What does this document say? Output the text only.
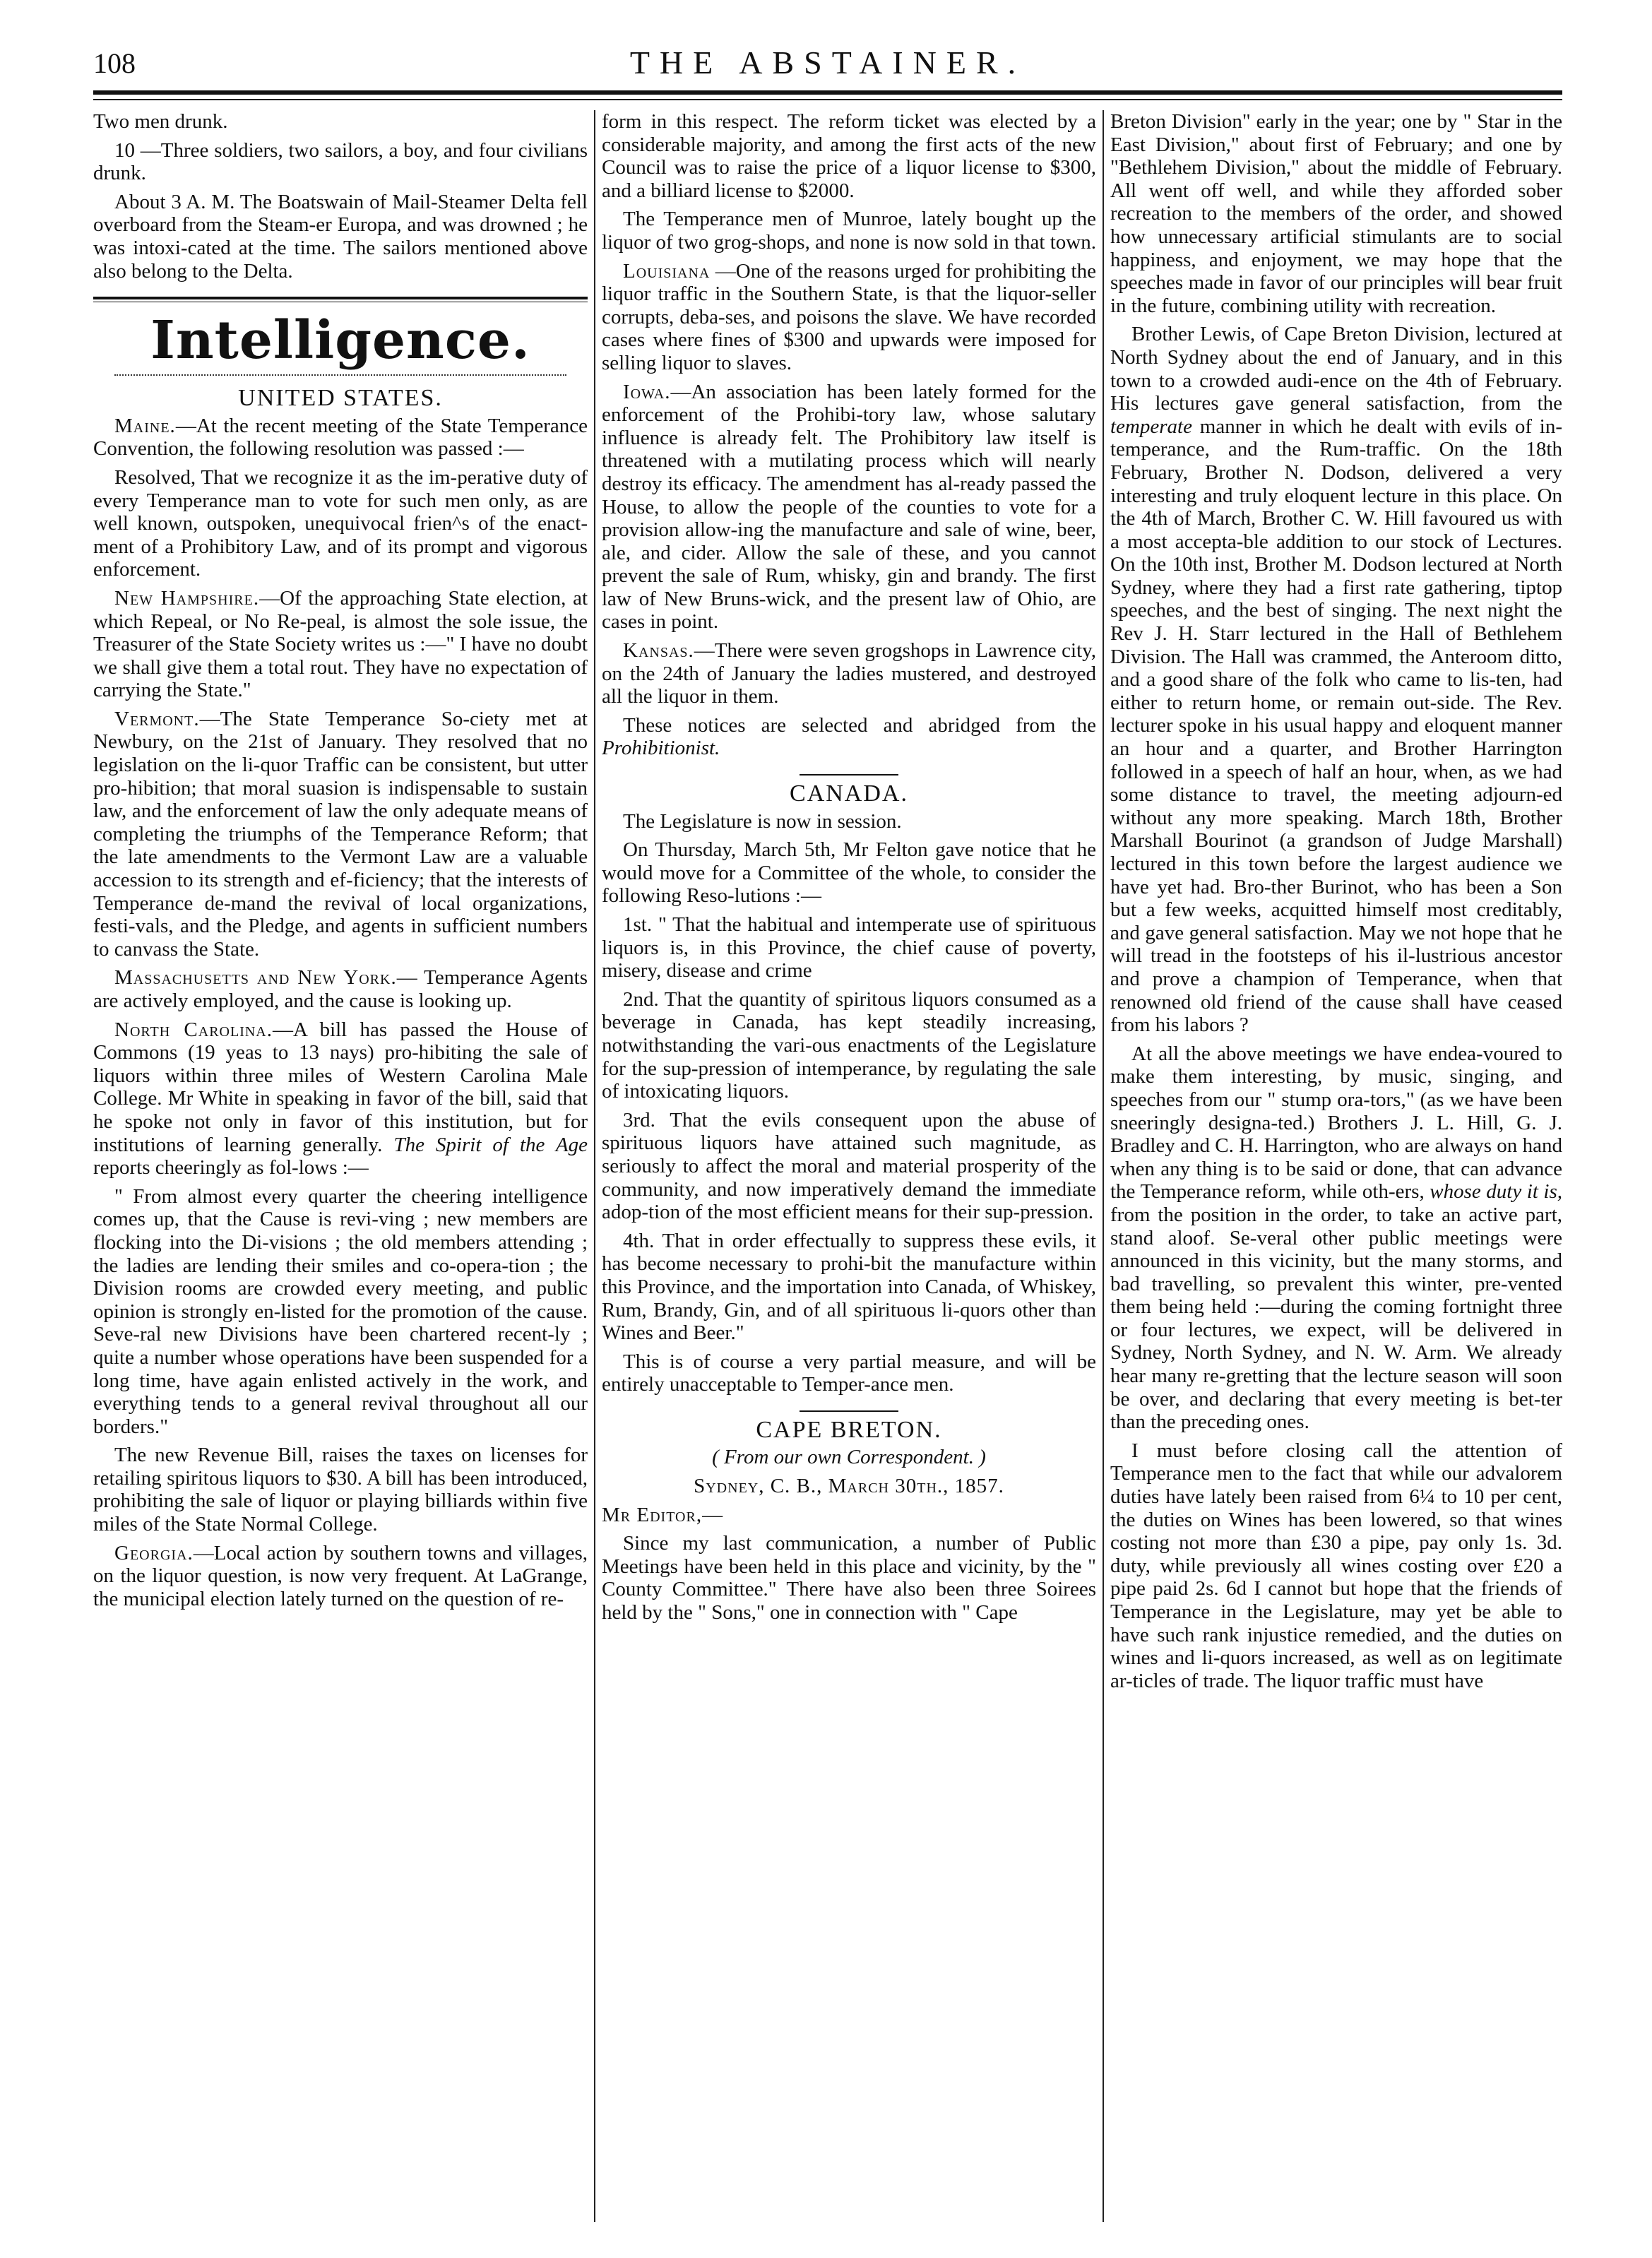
108	THE ABSTAINER.

Two men drunk.

10 —Three soldiers, two sailors, a boy, and four civilians drunk.

About 3 A. M. The Boatswain of Mail-Steamer Delta fell overboard from the Steam-er Europa, and was drowned ; he was intoxi-cated at the time. The sailors mentioned above also belong to the Delta.

Intelligence.
UNITED STATES.

Maine.—At the recent meeting of the State Temperance Convention, the following resolution was passed :—

Resolved, That we recognize it as the im-perative duty of every Temperance man to vote for such men only, as are well known, outspoken, unequivocal frien^s of the enact-ment of a Prohibitory Law, and of its prompt and vigorous enforcement.

New Hampshire.—Of the approaching State election, at which Repeal, or No Re-peal, is almost the sole issue, the Treasurer of the State Society writes us :—" I have no doubt we shall give them a total rout. They have no expectation of carrying the State."

Vermont.—The State Temperance So-ciety met at Newbury, on the 21st of January. They resolved that no legislation on the li-quor Traffic can be consistent, but utter pro-hibition; that moral suasion is indispensable to sustain law, and the enforcement of law the only adequate means of completing the triumphs of the Temperance Reform; that the late amendments to the Vermont Law are a valuable accession to its strength and ef-ficiency; that the interests of Temperance de-mand the revival of local organizations, festi-vals, and the Pledge, and agents in sufficient numbers to canvass the State.

Massachusetts and New York.— Temperance Agents are actively employed, and the cause is looking up.

North Carolina.—A bill has passed the House of Commons (19 yeas to 13 nays) pro-hibiting the sale of liquors within three miles of Western Carolina Male College. Mr White in speaking in favor of the bill, said that he spoke not only in favor of this institution, but for institutions of learning generally. The Spirit of the Age reports cheeringly as fol-lows :—

" From almost every quarter the cheering intelligence comes up, that the Cause is revi-ving ; new members are flocking into the Di-visions ; the old members attending ; the ladies are lending their smiles and co-opera-tion ; the Division rooms are crowded every meeting, and public opinion is strongly en-listed for the promotion of the cause. Seve-ral new Divisions have been chartered recent-ly ; quite a number whose operations have been suspended for a long time, have again enlisted actively in the work, and everything tends to a general revival throughout all our borders."

The new Revenue Bill, raises the taxes on licenses for retailing spiritous liquors to $30. A bill has been introduced, prohibiting the sale of liquor or playing billiards within five miles of the State Normal College.

Georgia.—Local action by southern towns and villages, on the liquor question, is now very frequent. At LaGrange, the municipal election lately turned on the question of re-

form in this respect. The reform ticket was elected by a considerable majority, and among the first acts of the new Council was to raise the price of a liquor license to $300, and a billiard license to $2000.

The Temperance men of Munroe, lately bought up the liquor of two grog-shops, and none is now sold in that town.

Louisiana —One of the reasons urged for prohibiting the liquor traffic in the Southern State, is that the liquor-seller corrupts, deba-ses, and poisons the slave. We have recorded cases where fines of $300 and upwards were imposed for selling liquor to slaves.

Iowa.—An association has been lately formed for the enforcement of the Prohibi-tory law, whose salutary influence is already felt. The Prohibitory law itself is threatened with a mutilating process which will nearly destroy its efficacy. The amendment has al-ready passed the House, to allow the people of the counties to vote for a provision allow-ing the manufacture and sale of wine, beer, ale, and cider. Allow the sale of these, and you cannot prevent the sale of Rum, whisky, gin and brandy. The first law of New Bruns-wick, and the present law of Ohio, are cases in point.

Kansas.—There were seven grogshops in Lawrence city, on the 24th of January the ladies mustered, and destroyed all the liquor in them.

These notices are selected and abridged from the Prohibitionist.

CANADA.

The Legislature is now in session.

On Thursday, March 5th, Mr Felton gave notice that he would move for a Committee of the whole, to consider the following Reso-lutions :—

1st. " That the habitual and intemperate use of spirituous liquors is, in this Province, the chief cause of poverty, misery, disease and crime

2nd. That the quantity of spiritous liquors consumed as a beverage in Canada, has kept steadily increasing, notwithstanding the vari-ous enactments of the Legislature for the sup-pression of intemperance, by regulating the sale of intoxicating liquors.

3rd. That the evils consequent upon the abuse of spirituous liquors have attained such magnitude, as seriously to affect the moral and material prosperity of the community, and now imperatively demand the immediate adop-tion of the most efficient means for their sup-pression.

4th. That in order effectually to suppress these evils, it has become necessary to prohi-bit the manufacture within this Province, and the importation into Canada, of Whiskey, Rum, Brandy, Gin, and of all spirituous li-quors other than Wines and Beer."

This is of course a very partial measure, and will be entirely unacceptable to Temper-ance men.

CAPE BRETON.

( From our own Correspondent. )

Sydney, C. B., March 30th., 1857.

Mr Editor,—

Since my last communication, a number of Public Meetings have been held in this place and vicinity, by the " County Committee." There have also been three Soirees held by the " Sons," one in connection with " Cape

Breton Division" early in the year; one by " Star in the East Division," about first of February; and one by "Bethlehem Division," about the middle of February. All went off well, and while they afforded sober recreation to the members of the order, and showed how unnecessary artificial stimulants are to social happiness, and enjoyment, we may hope that the speeches made in favor of our principles will bear fruit in the future, combining utility with recreation.

Brother Lewis, of Cape Breton Division, lectured at North Sydney about the end of January, and in this town to a crowded audi-ence on the 4th of February. His lectures gave general satisfaction, from the temperate manner in which he dealt with evils of in-temperance, and the Rum-traffic. On the 18th February, Brother N. Dodson, delivered a very interesting and truly eloquent lecture in this place. On the 4th of March, Brother C. W. Hill favoured us with a most accepta-ble addition to our stock of Lectures. On the 10th inst, Brother M. Dodson lectured at North Sydney, where they had a first rate gathering, tiptop speeches, and the best of singing. The next night the Rev J. H. Starr lectured in the Hall of Bethlehem Division. The Hall was crammed, the Anteroom ditto, and a good share of the folk who came to lis-ten, had either to return home, or remain out-side. The Rev. lecturer spoke in his usual happy and eloquent manner an hour and a quarter, and Brother Harrington followed in a speech of half an hour, when, as we had some distance to travel, the meeting adjourn-ed without any more speaking. March 18th, Brother Marshall Bourinot (a grandson of Judge Marshall) lectured in this town before the largest audience we have yet had. Bro-ther Burinot, who has been a Son but a few weeks, acquitted himself most creditably, and gave general satisfaction. May we not hope that he will tread in the footsteps of his il-lustrious ancestor and prove a champion of Temperance, when that renowned old friend of the cause shall have ceased from his labors ?

At all the above meetings we have endea-voured to make them interesting, by music, singing, and speeches from our " stump ora-tors," (as we have been sneeringly designa-ted.) Brothers J. L. Hill, G. J. Bradley and C. H. Harrington, who are always on hand when any thing is to be said or done, that can advance the Temperance reform, while oth-ers, whose duty it is, from the position in the order, to take an active part, stand aloof. Se-veral other public meetings were announced in this vicinity, but the many storms, and bad travelling, so prevalent this winter, pre-vented them being held :—during the coming fortnight three or four lectures, we expect, will be delivered in Sydney, North Sydney, and N. W. Arm. We already hear many re-gretting that the lecture season will soon be over, and declaring that every meeting is bet-ter than the preceding ones.

I must before closing call the attention of Temperance men to the fact that while our advalorem duties have lately been raised from 6¼ to 10 per cent, the duties on Wines has been lowered, so that wines costing not more than £30 a pipe, pay only 1s. 3d. duty, while previously all wines costing over £20 a pipe paid 2s. 6d I cannot but hope that the friends of Temperance in the Legislature, may yet be able to have such rank injustice remedied, and the duties on wines and li-quors increased, as well as on legitimate ar-ticles of trade. The liquor traffic must have
